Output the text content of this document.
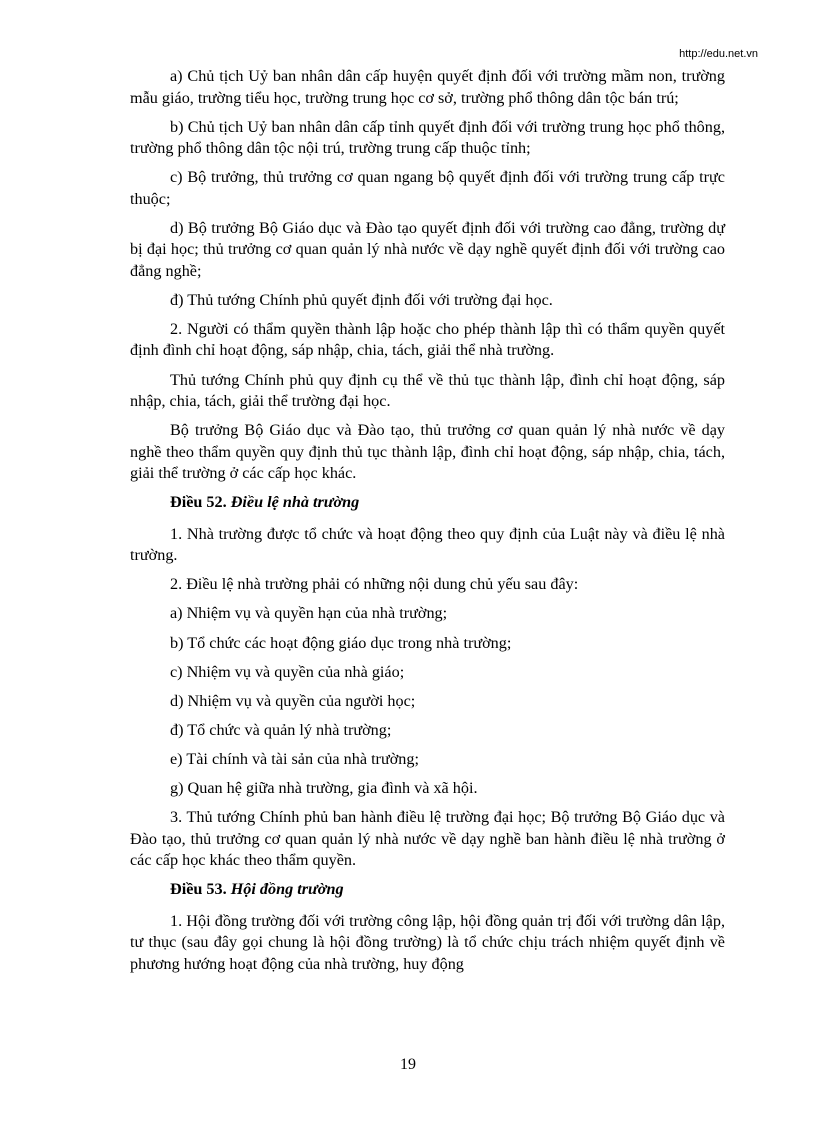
http://edu.net.vn

a) Chủ tịch Uỷ ban nhân dân cấp huyện quyết định đối với trường mầm non, trường mẫu giáo, trường tiểu học, trường trung học cơ sở, trường phổ thông dân tộc bán trú;

b) Chủ tịch Uỷ ban nhân dân cấp tỉnh quyết định đối với trường trung học phổ thông, trường phổ thông dân tộc nội trú, trường trung cấp thuộc tỉnh;

c) Bộ trưởng, thủ trưởng cơ quan ngang bộ quyết định đối với trường trung cấp trực thuộc;

d) Bộ trưởng Bộ Giáo dục và Đào tạo quyết định đối với trường cao đẳng, trường dự bị đại học; thủ trưởng cơ quan quản lý nhà nước về dạy nghề quyết định đối với trường cao đẳng nghề;

đ) Thủ tướng Chính phủ quyết định đối với trường đại học.

2. Người có thẩm quyền thành lập hoặc cho phép thành lập thì có thẩm quyền quyết định đình chỉ hoạt động, sáp nhập, chia, tách, giải thể nhà trường.

Thủ tướng Chính phủ quy định cụ thể về thủ tục thành lập, đình chỉ hoạt động, sáp nhập, chia, tách, giải thể trường đại học.

Bộ trưởng Bộ Giáo dục và Đào tạo, thủ trưởng cơ quan quản lý nhà nước về dạy nghề theo thẩm quyền quy định thủ tục thành lập, đình chỉ hoạt động, sáp nhập, chia, tách, giải thể trường ở các cấp học khác.

Điều 52. Điều lệ nhà trường

1. Nhà trường được tổ chức và hoạt động theo quy định của Luật này và điều lệ nhà trường.

2. Điều lệ nhà trường phải có những nội dung chủ yếu sau đây:

a) Nhiệm vụ và quyền hạn của nhà trường;

b) Tổ chức các hoạt động giáo dục trong nhà trường;

c) Nhiệm vụ và quyền của nhà giáo;

d) Nhiệm vụ và quyền của người học;

đ) Tổ chức và quản lý nhà trường;

e) Tài chính và tài sản của nhà trường;

g) Quan hệ giữa nhà trường, gia đình và xã hội.

3. Thủ tướng Chính phủ ban hành điều lệ trường đại học; Bộ trưởng Bộ Giáo dục và Đào tạo, thủ trưởng cơ quan quản lý nhà nước về dạy nghề ban hành điều lệ nhà trường ở các cấp học khác theo thẩm quyền.

Điều 53. Hội đồng trường

1. Hội đồng trường đối với trường công lập, hội đồng quản trị đối với trường dân lập, tư thục (sau đây gọi chung là hội đồng trường) là tổ chức chịu trách nhiệm quyết định về phương hướng hoạt động của nhà trường, huy động

19
